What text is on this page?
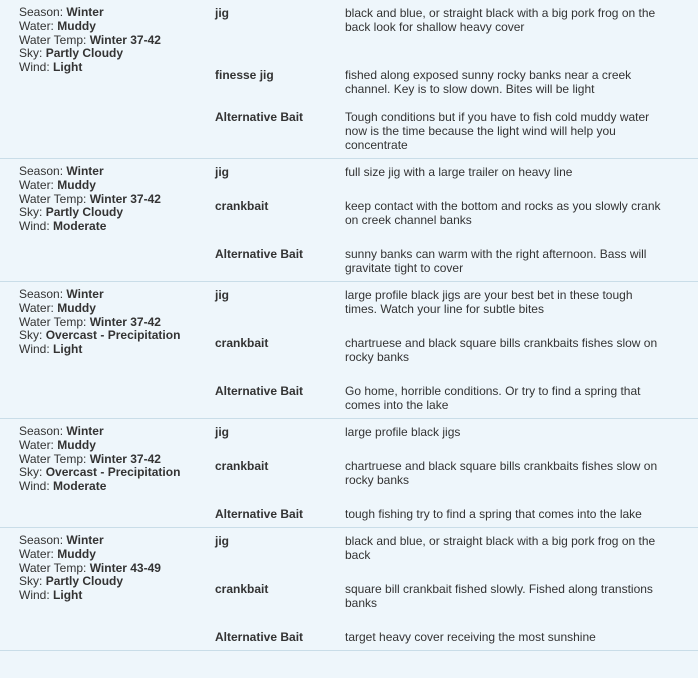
Season: Winter
Water: Muddy
Water Temp: Winter 37-42
Sky: Partly Cloudy
Wind: Light
jig	black and blue, or straight black with a big pork frog on the back look for shallow heavy cover
finesse jig	fished along exposed sunny rocky banks near a creek channel. Key is to slow down. Bites will be light
Alternative Bait	Tough conditions but if you have to fish cold muddy water now is the time because the light wind will help you concentrate
Season: Winter
Water: Muddy
Water Temp: Winter 37-42
Sky: Partly Cloudy
Wind: Moderate
jig	full size jig with a large trailer on heavy line
crankbait	keep contact with the bottom and rocks as you slowly crank on creek channel banks
Alternative Bait	sunny banks can warm with the right afternoon. Bass will gravitate tight to cover
Season: Winter
Water: Muddy
Water Temp: Winter 37-42
Sky: Overcast - Precipitation
Wind: Light
jig	large profile black jigs are your best bet in these tough times. Watch your line for subtle bites
crankbait	chartruese and black square bills crankbaits fishes slow on rocky banks
Alternative Bait	Go home, horrible conditions. Or try to find a spring that comes into the lake
Season: Winter
Water: Muddy
Water Temp: Winter 37-42
Sky: Overcast - Precipitation
Wind: Moderate
jig	large profile black jigs
crankbait	chartruese and black square bills crankbaits fishes slow on rocky banks
Alternative Bait	tough fishing try to find a spring that comes into the lake
Season: Winter
Water: Muddy
Water Temp: Winter 43-49
Sky: Partly Cloudy
Wind: Light
jig	black and blue, or straight black with a big pork frog on the back
crankbait	square bill crankbait fished slowly. Fished along transtions banks
Alternative Bait	target heavy cover receiving the most sunshine
